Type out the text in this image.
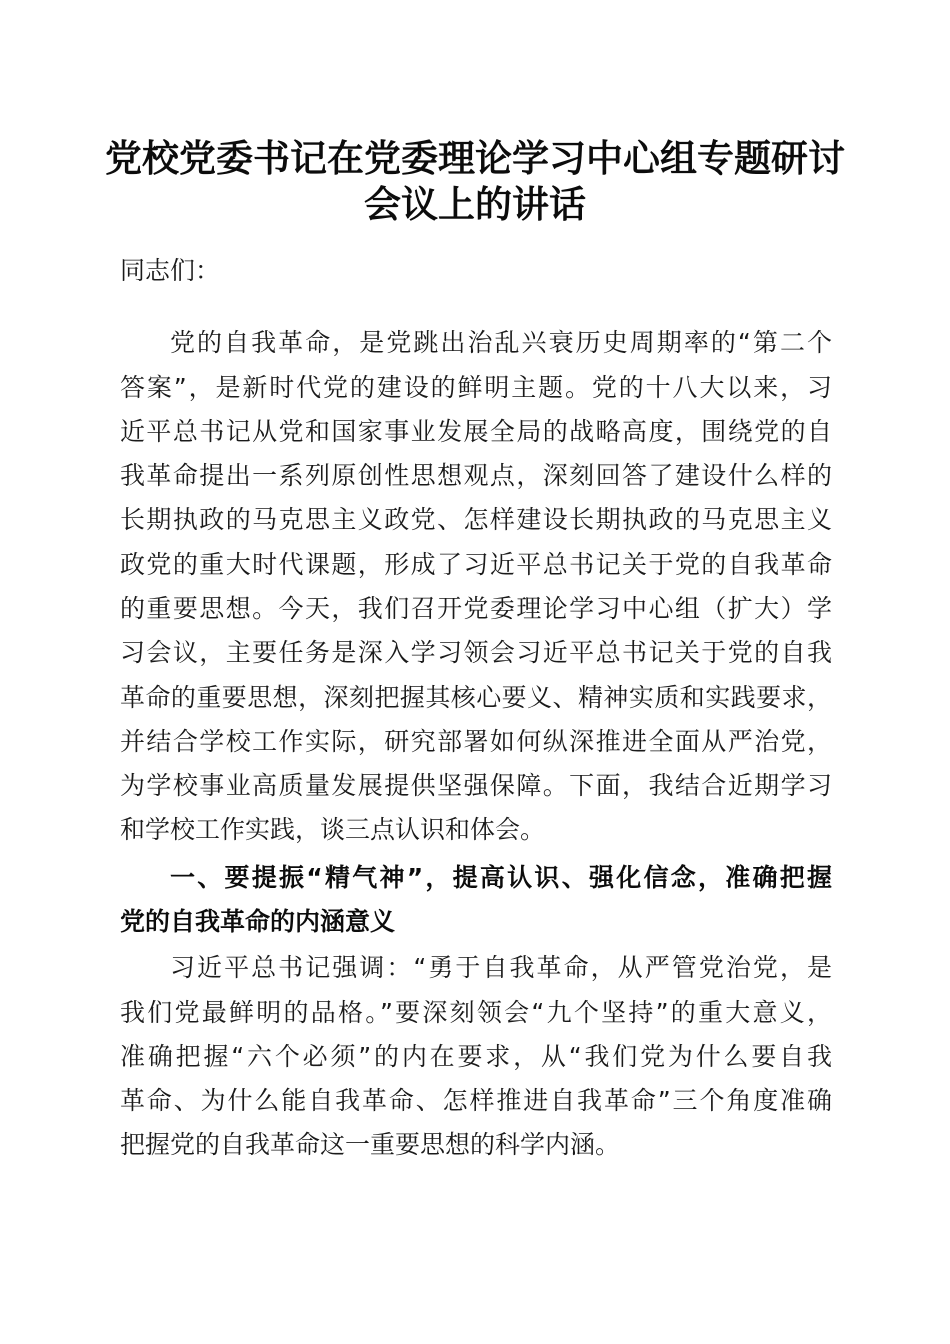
党校党委书记在党委理论学习中心组专题研讨
会议上的讲话
同志们：
党的自我革命，是党跳出治乱兴衰历史周期率的“第二个
答案”，是新时代党的建设的鲜明主题。党的十八大以来，习
近平总书记从党和国家事业发展全局的战略高度，围绕党的自
我革命提出一系列原创性思想观点，深刻回答了建设什么样的
长期执政的马克思主义政党、怎样建设长期执政的马克思主义
政党的重大时代课题，形成了习近平总书记关于党的自我革命
的重要思想。今天，我们召开党委理论学习中心组（扩大）学
习会议，主要任务是深入学习领会习近平总书记关于党的自我
革命的重要思想，深刻把握其核心要义、精神实质和实践要求，
并结合学校工作实际，研究部署如何纵深推进全面从严治党，
为学校事业高质量发展提供坚强保障。下面，我结合近期学习
和学校工作实践，谈三点认识和体会。
一、要提振“精气神”，提高认识、强化信念，准确把握
党的自我革命的内涵意义
习近平总书记强调：“勇于自我革命，从严管党治党，是
我们党最鲜明的品格。”要深刻领会“九个坚持”的重大意义，
准确把握“六个必须”的内在要求，从“我们党为什么要自我
革命、为什么能自我革命、怎样推进自我革命”三个角度准确
把握党的自我革命这一重要思想的科学内涵。
